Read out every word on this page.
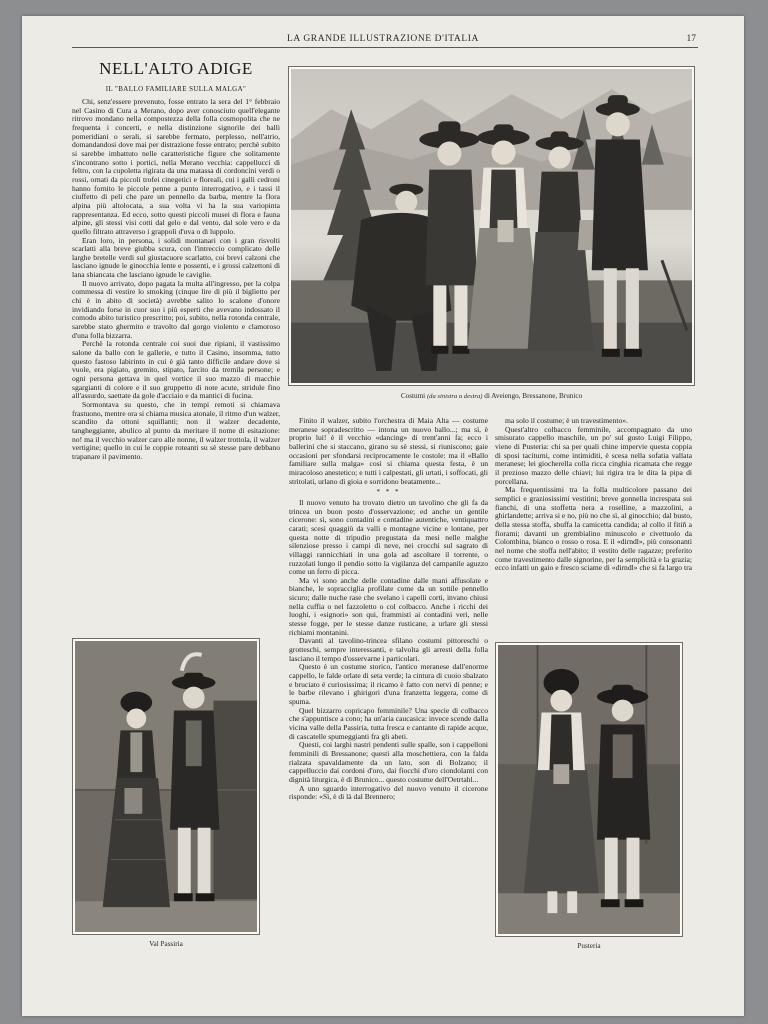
LA GRANDE ILLUSTRAZIONE D'ITALIA	17
NELL'ALTO ADIGE
IL "BALLO FAMILIARE SULLA MALGA"

Chi, senz'essere prevenuto, fosse entrato la sera del 1° febbraio nel Casino di Cura a Merano, dopo aver conosciuto quell'elegante ritrovo mondano nella compostezza della folla cosmopolita che ne frequenta i concerti, e nella distinzione signorile dei balli pomeridiani o serali, si sarebbe fermato, perplesso, nell'atrio, domandandosi dove mai per distrazione fosse entrato; perchè subito si sarebbe imbattuto nelle caratteristiche figure che solitamente s'incontrano sotto i portici, nella Merano vecchia: cappellucci di feltro, con la cupoletta rigirata da una matassa di cordoncini verdi o rossi, ornati da piccoli trofei cinegetici e floreali, cui i galli cedroni hanno fornito le piccole penne a punto interrogativo, e i tassi il ciuffetto di peli che pare un pennello da barba, mentre la flora alpina più altolocata, a sua volta vi ha la sua variopinta rappresentanza. Ed ecco, sotto questi piccoli musei di flora e fauna alpine, gli stessi visi cotti dal gelo e dal vento, dal sole vero e da quello filtrato attraverso i grappoli d'uva o di luppolo.

Eran loro, in persona, i solidi montanari con i gran risvolti scarlatti alla breve giubba scura, con l'intreccio complicato delle larghe bretelle verdi sul giustacuore scarlatto, coi brevi calzoni che lasciano ignude le ginocchia lente e possenti, e i grossi calzettoni di lana sbiancata che lasciano ignude le caviglie.

Il nuovo arrivato, dopo pagata la multa all'ingresso, per la colpa commessa di vestire lo smoking (cinque lire di più il biglietto per chi è in abito di società) avrebbe salito lo scalone d'onore invidiando forse in cuor suo i più esperti che avevano indossato il comodo abito turistico prescritto; poi, subito, nella rotonda centrale, sarebbe stato ghermito e travolto dal gorgo violento e clamoroso d'una folla bizzarra.

Perchè la rotonda centrale coi suoi due ripiani, il vastissimo salone da ballo con le gallerie, e tutto il Casino, insomma, tutto questo fastoso labirinto in cui è già tanto difficile andare dove si vuole, era pigiato, gremito, stipato, farcito da tremila persone; e ogni persona gettava in quel vortice il suo mazzo di macchie sgargianti di colore e il suo gruppetto di note acute, stridule fino all'assurdo, saettate da gole d'acciaio e da mantici di fucina.

Sormontava su questo, che in tempi remoti si chiamava frastuono, mentre ora si chiama musica atonale, il ritmo d'un walzer, scandito da ottoni squillanti; non il walzer decadente, tangheggiante, abulico al punto da meritare il nome di esitazione: no! ma il vecchio walzer caro alle nonne, il walzer trottola, il walzer vertigine; quello in cui le coppie roteanti su sè stesse pare debbano trapanare il pavimento.

Finito il walzer, subito l'orchestra di Maia Alta — costume meranese sopradescritto — intona un nuovo ballo...; ma sì, è proprio lui! è il vecchio «dancing» di trent'anni fa; ecco i ballerini che si staccano, girano su sè stessi, si riuniscono; gaie occasioni per sfondarsi reciprocamente le costole: ma il «Ballo familiare sulla malga» così si chiama questa festa, è un miracoloso anestetico; e tutti i calpestati, gli urtati, i soffocati, gli stritolati, urlano di gioia e sorridono beatamente...

* * *

Il nuovo venuto ha trovato dietro un tavolino che gli fa da trincea un buon posto d'osservazione; ed anche un gentile cicerone: sì, sono contadini e contadine autentiche, ventiquattro carati; scesi quaggiù da valli e montagne vicine e lontane, per questa notte di tripudio pregustata da mesi nelle malghe silenziose presso i campi di neve, nei crocchi sul sagrato di villaggi rannicchiati in una gola ad ascoltare il torrente, o ruzzolati lungo il pendio sotto la vigilanza del campanile aguzzo come un ferro di picca.

Ma vi sono anche delle contadine dalle mani affusolate e bianche, le sopracciglia profilate come da un sottile pennello sicuro; dalle nuche rase che svelano i capelli corti, invano chiusi nella cuffia o nel fazzoletto o col colbacco. Anche i ricchi dei luoghi, i «signori» son qui, frammisti ai contadini veri, nelle stesse fogge, per le stesse danze rusticane, a urlare gli stessi richiami montanini.

Davanti al tavolino-trincea sfilano costumi pittoreschi o grotteschi, sempre interessanti, e talvolta gli arresti della folla lasciano il tempo d'osservarne i particolari.

Questo è un costume storico, l'antico meranese dall'enorme cappello, le falde orlate di seta verde; la cintura di cuoio sbalzato e bruciato è curiosissima; il ricamo è fatto con nervi di penne; e le barbe rilevano i ghirigori d'una franzetta leggera, come di spuma.

Quel bizzarro copricapo femminile? Una specie di colbacco che s'appuntisce a cono; ha un'aria caucasica: invece scende dalla vicina valle della Passiria, tutta fresca e cantante di rapide acque, di cascatelle spumeggianti fra gli abeti.

Questi, coi larghi nastri pendenti sulle spalle, son i cappelloni femminili di Bressanone; questi alla moschettiera, con la falda rialzata spavaldamente da un lato, son di Bolzano; il cappelluccio dai cordoni d'oro, dai fiocchi d'oro ciondolanti con dignità liturgica, è di Brunico... questo costume dell'Oetrtahl...

A uno sguardo interrogativo del nuovo venuto il cicerone risponde: «Sì, è di là dal Brennero;

ma solo il costume; è un travestimento».

Quest'altro colbacco femminile, accompagnato da uno smisurato cappello maschile, un po' sul gusto Luigi Filippo, viene di Pusteria: chi sa per quali chine impervie questa coppia di sposi taciturni, come intimiditi, è scesa nella sofatia vallata meranese; lei giocherella colla ricca cinghia ricamata che regge il prezioso mazzo delle chiavi; lui rigira tra le dita la pipa di porcellana.

Ma frequentissimi tra la folla multicolore passano dei semplici e graziosissimi vestitini; breve gonnella increspata sui fianchi, di una stoffetta nera a roselline, a mazzolini, a ghirlandette; arriva si e no, più no che sì, al ginocchio; dal busto, della stessa stoffa, sbuffa la camicetta candida; al collo il fitiñ a fiorami; davanti un grembialino minuscolo e civettuolo da Colombina, bianco o rosso o rosa. E il «dirndl», più consonanti nel nome che stoffa nell'abito; il vestito delle ragazze; preferito come travestimento dalle signorine, per la semplicità e la grazia; ecco infatti un gaio e fresco sciame di «dirndl» che si fa largo tra

Costumi (da sinistra a destra) di Aveiengo, Bressanone, Brunico
Val Passiria	Pusteria
